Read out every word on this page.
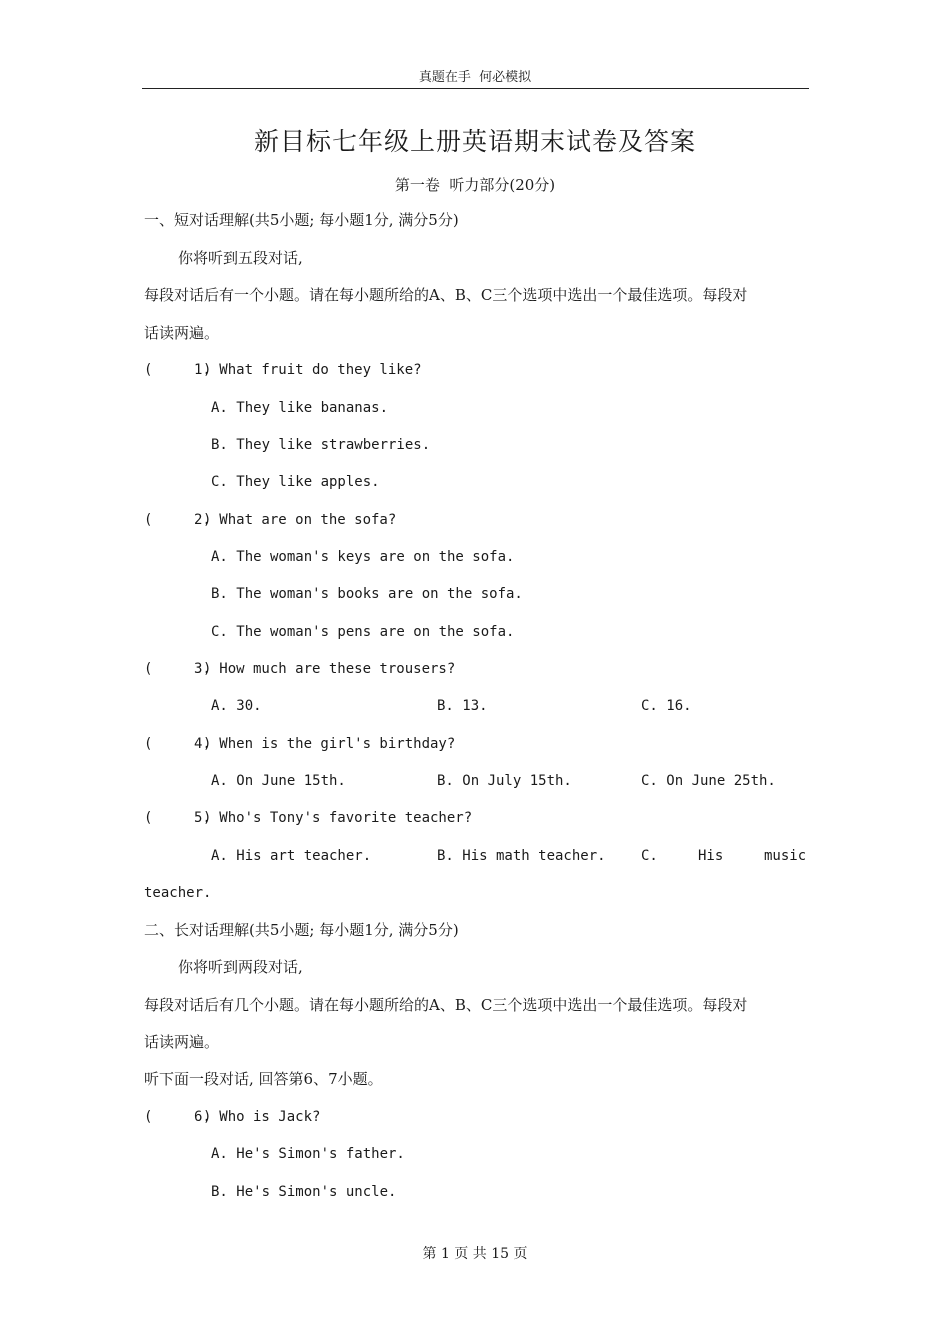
真题在手  何必模拟
新目标七年级上册英语期末试卷及答案
第一卷  听力部分(20分)
一、短对话理解(共5小题; 每小题1分, 满分5分)
你将听到五段对话,
每段对话后有一个小题。请在每小题所给的A、B、C三个选项中选出一个最佳选项。每段对
话读两遍。
(      )
1. What fruit do they like?
A. They like bananas.
B. They like strawberries.
C. They like apples.
(      )
2. What are on the sofa?
A. The woman's keys are on the sofa.
B. The woman's books are on the sofa.
C. The woman's pens are on the sofa.
(      )
3. How much are these trousers?
A. 30.	B. 13.	C. 16.
(      )
4. When is the girl's birthday?
A. On June 15th.	B. On July 15th.	C. On June 25th.
(      )
5. Who's Tony's favorite teacher?
A. His art teacher.	B. His math teacher.	C.	His	music
teacher.
二、长对话理解(共5小题; 每小题1分, 满分5分)
你将听到两段对话,
每段对话后有几个小题。请在每小题所给的A、B、C三个选项中选出一个最佳选项。每段对
话读两遍。
听下面一段对话, 回答第6、7小题。
(      )
6. Who is Jack?
A. He's Simon's father.
B. He's Simon's uncle.
第 1 页 共 15 页
